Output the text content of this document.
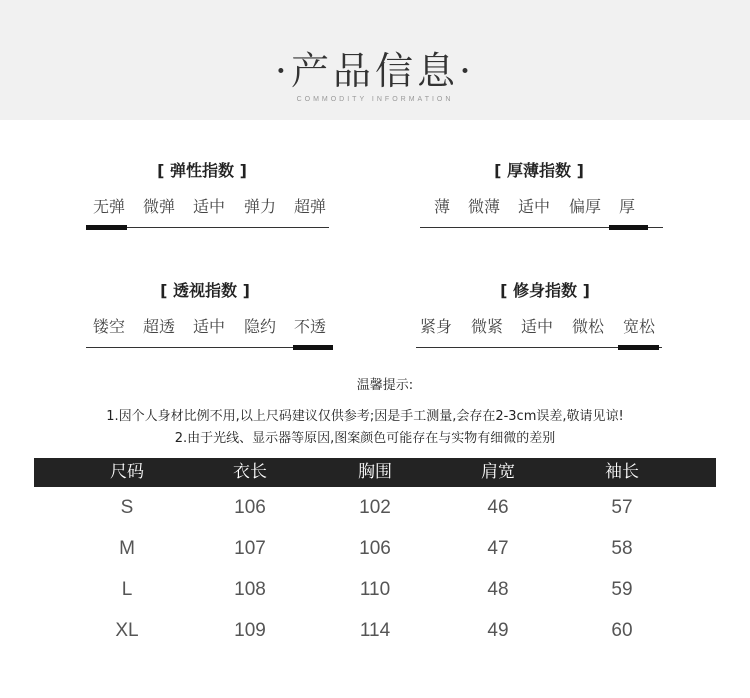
·产品信息·
COMMODITY INFORMATION
[ 弹性指数 ]
无弹	微弹	适中	弹力	超弹
[ 厚薄指数 ]
薄	微薄	适中	偏厚	厚
[ 透视指数 ]
镂空	超透	适中	隐约	不透
[ 修身指数 ]
紧身	微紧	适中	微松	宽松
温馨提示:
1.因个人身材比例不用,以上尺码建议仅供参考;因是手工测量,会存在2-3cm误差,敬请见谅!
2.由于光线、显示器等原因,图案颜色可能存在与实物有细微的差别
尺码	衣长	胸围	肩宽	袖长
S	106	102	46	57
M	107	106	47	58
L	108	110	48	59
XL	109	114	49	60
